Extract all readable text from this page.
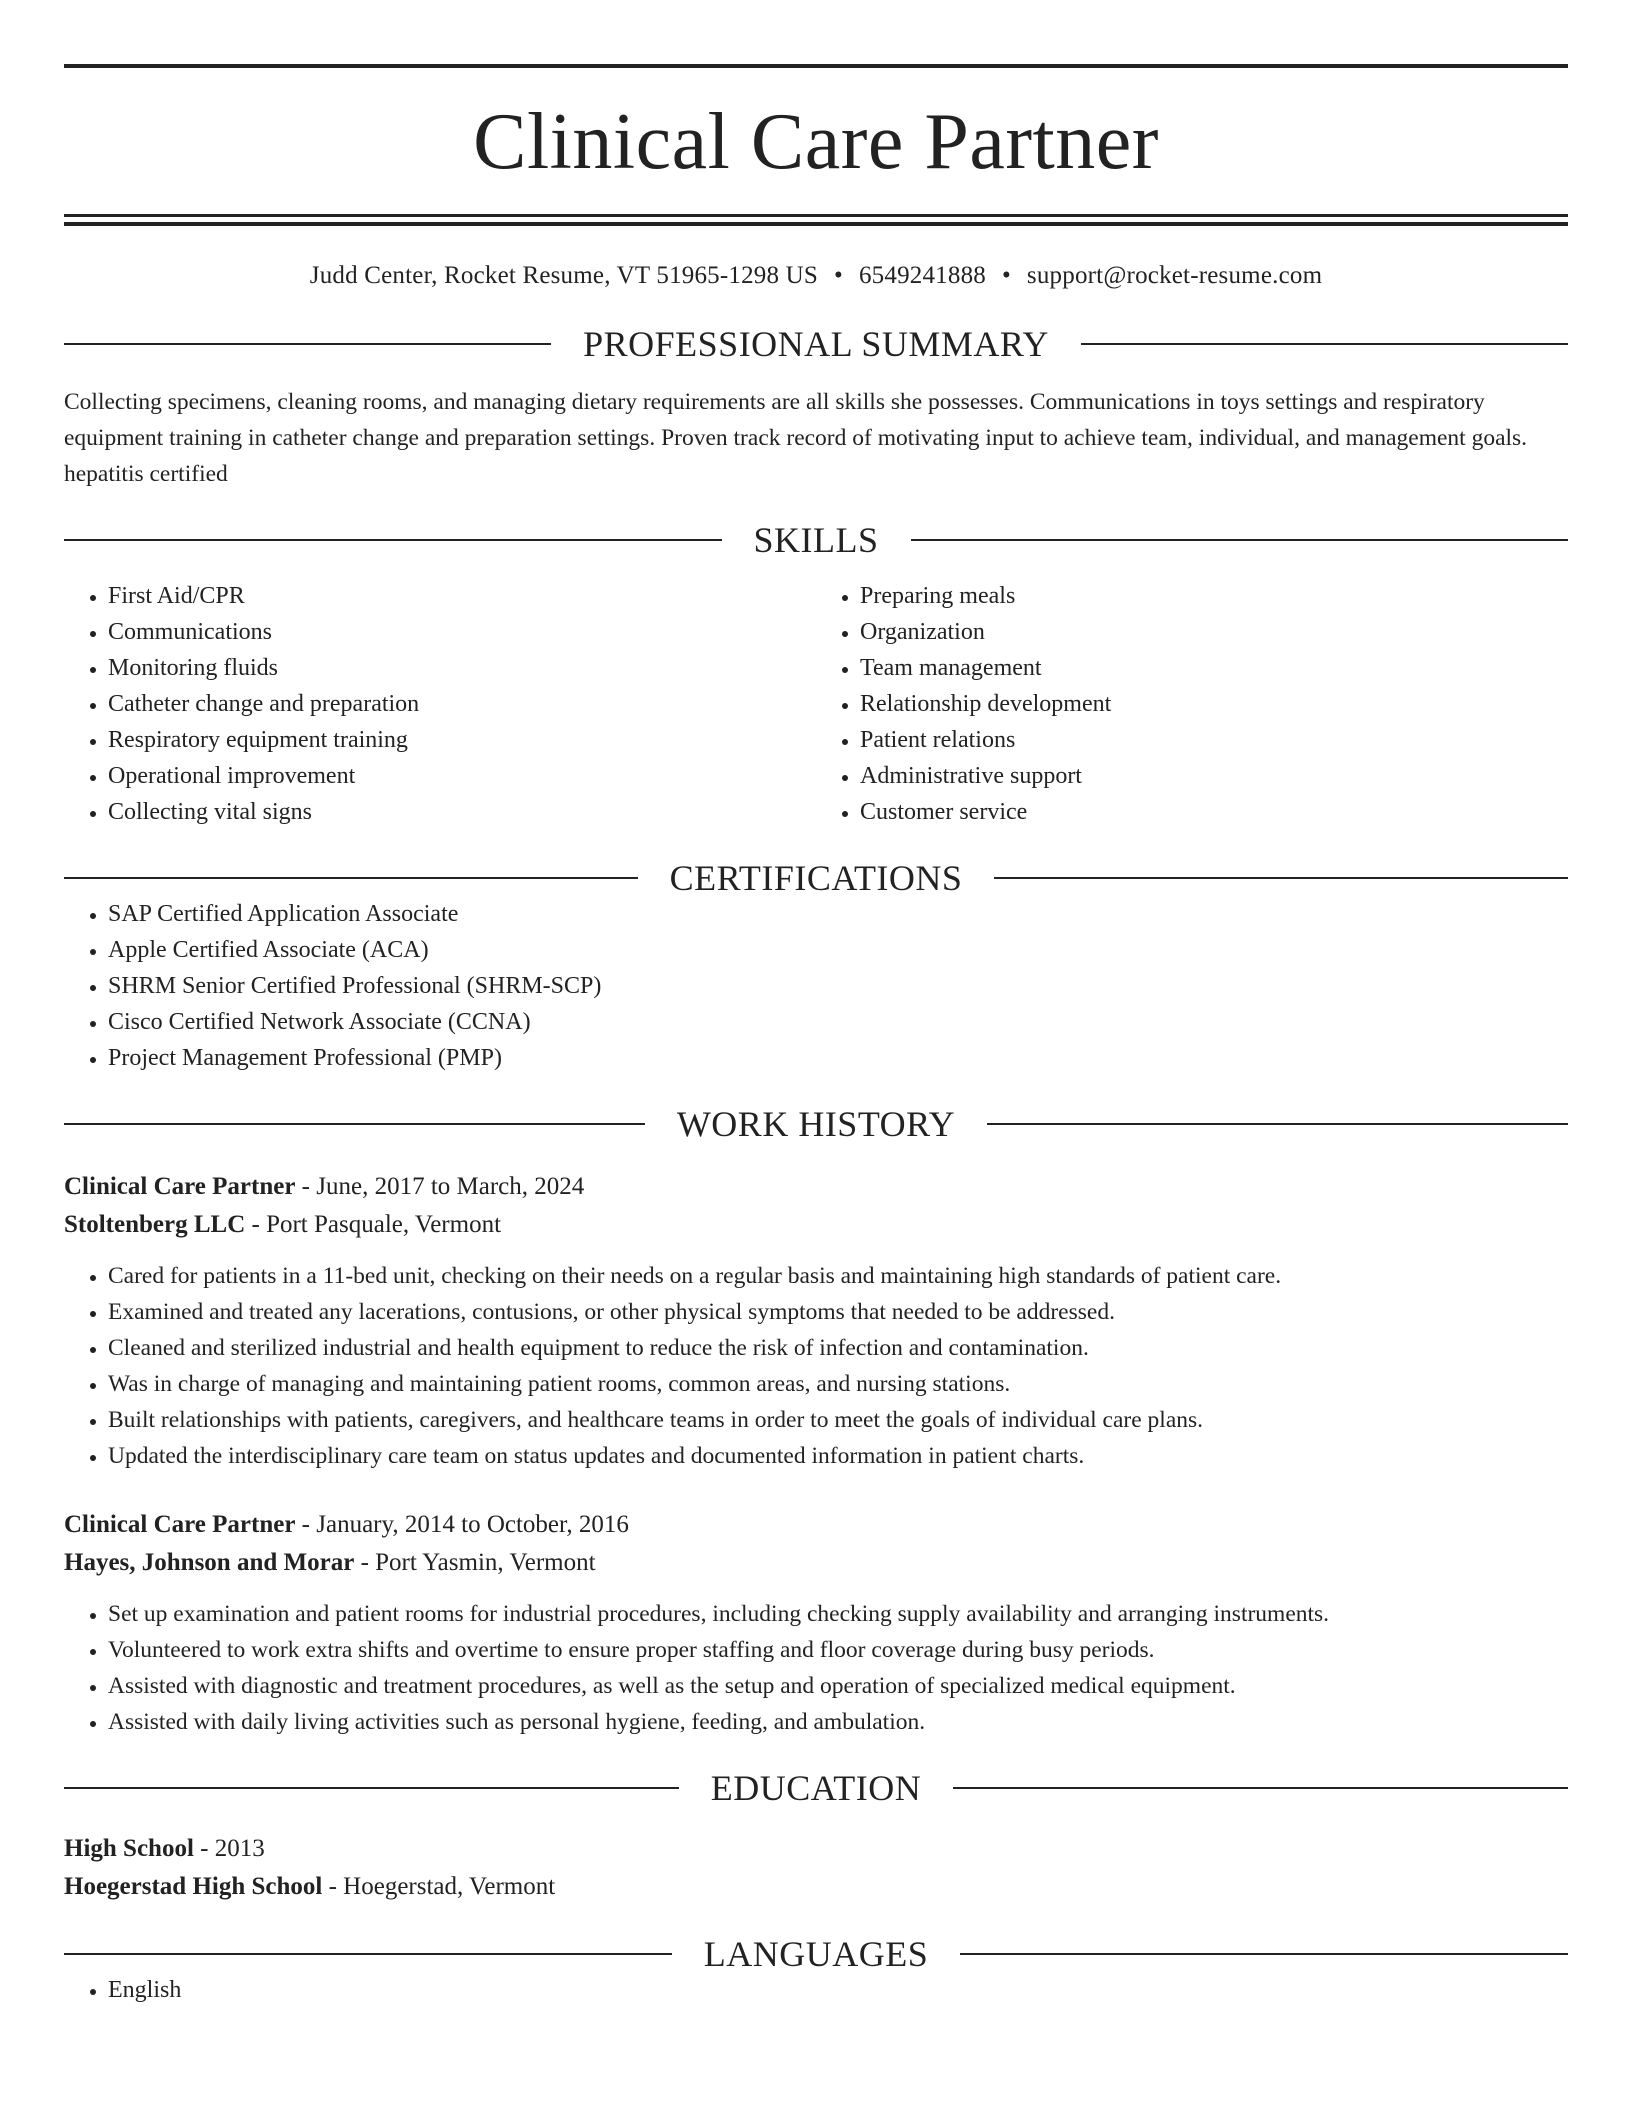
Clinical Care Partner
Judd Center, Rocket Resume, VT 51965-1298 US • 6549241888 • support@rocket-resume.com
PROFESSIONAL SUMMARY
Collecting specimens, cleaning rooms, and managing dietary requirements are all skills she possesses. Communications in toys settings and respiratory equipment training in catheter change and preparation settings. Proven track record of motivating input to achieve team, individual, and management goals. hepatitis certified
SKILLS
• First Aid/CPR
• Communications
• Monitoring fluids
• Catheter change and preparation
• Respiratory equipment training
• Operational improvement
• Collecting vital signs
• Preparing meals
• Organization
• Team management
• Relationship development
• Patient relations
• Administrative support
• Customer service
CERTIFICATIONS
• SAP Certified Application Associate
• Apple Certified Associate (ACA)
• SHRM Senior Certified Professional (SHRM-SCP)
• Cisco Certified Network Associate (CCNA)
• Project Management Professional (PMP)
WORK HISTORY
Clinical Care Partner - June, 2017 to March, 2024
Stoltenberg LLC - Port Pasquale, Vermont
• Cared for patients in a 11-bed unit, checking on their needs on a regular basis and maintaining high standards of patient care.
• Examined and treated any lacerations, contusions, or other physical symptoms that needed to be addressed.
• Cleaned and sterilized industrial and health equipment to reduce the risk of infection and contamination.
• Was in charge of managing and maintaining patient rooms, common areas, and nursing stations.
• Built relationships with patients, caregivers, and healthcare teams in order to meet the goals of individual care plans.
• Updated the interdisciplinary care team on status updates and documented information in patient charts.
Clinical Care Partner - January, 2014 to October, 2016
Hayes, Johnson and Morar - Port Yasmin, Vermont
• Set up examination and patient rooms for industrial procedures, including checking supply availability and arranging instruments.
• Volunteered to work extra shifts and overtime to ensure proper staffing and floor coverage during busy periods.
• Assisted with diagnostic and treatment procedures, as well as the setup and operation of specialized medical equipment.
• Assisted with daily living activities such as personal hygiene, feeding, and ambulation.
EDUCATION
High School - 2013
Hoegerstad High School - Hoegerstad, Vermont
LANGUAGES
• English
